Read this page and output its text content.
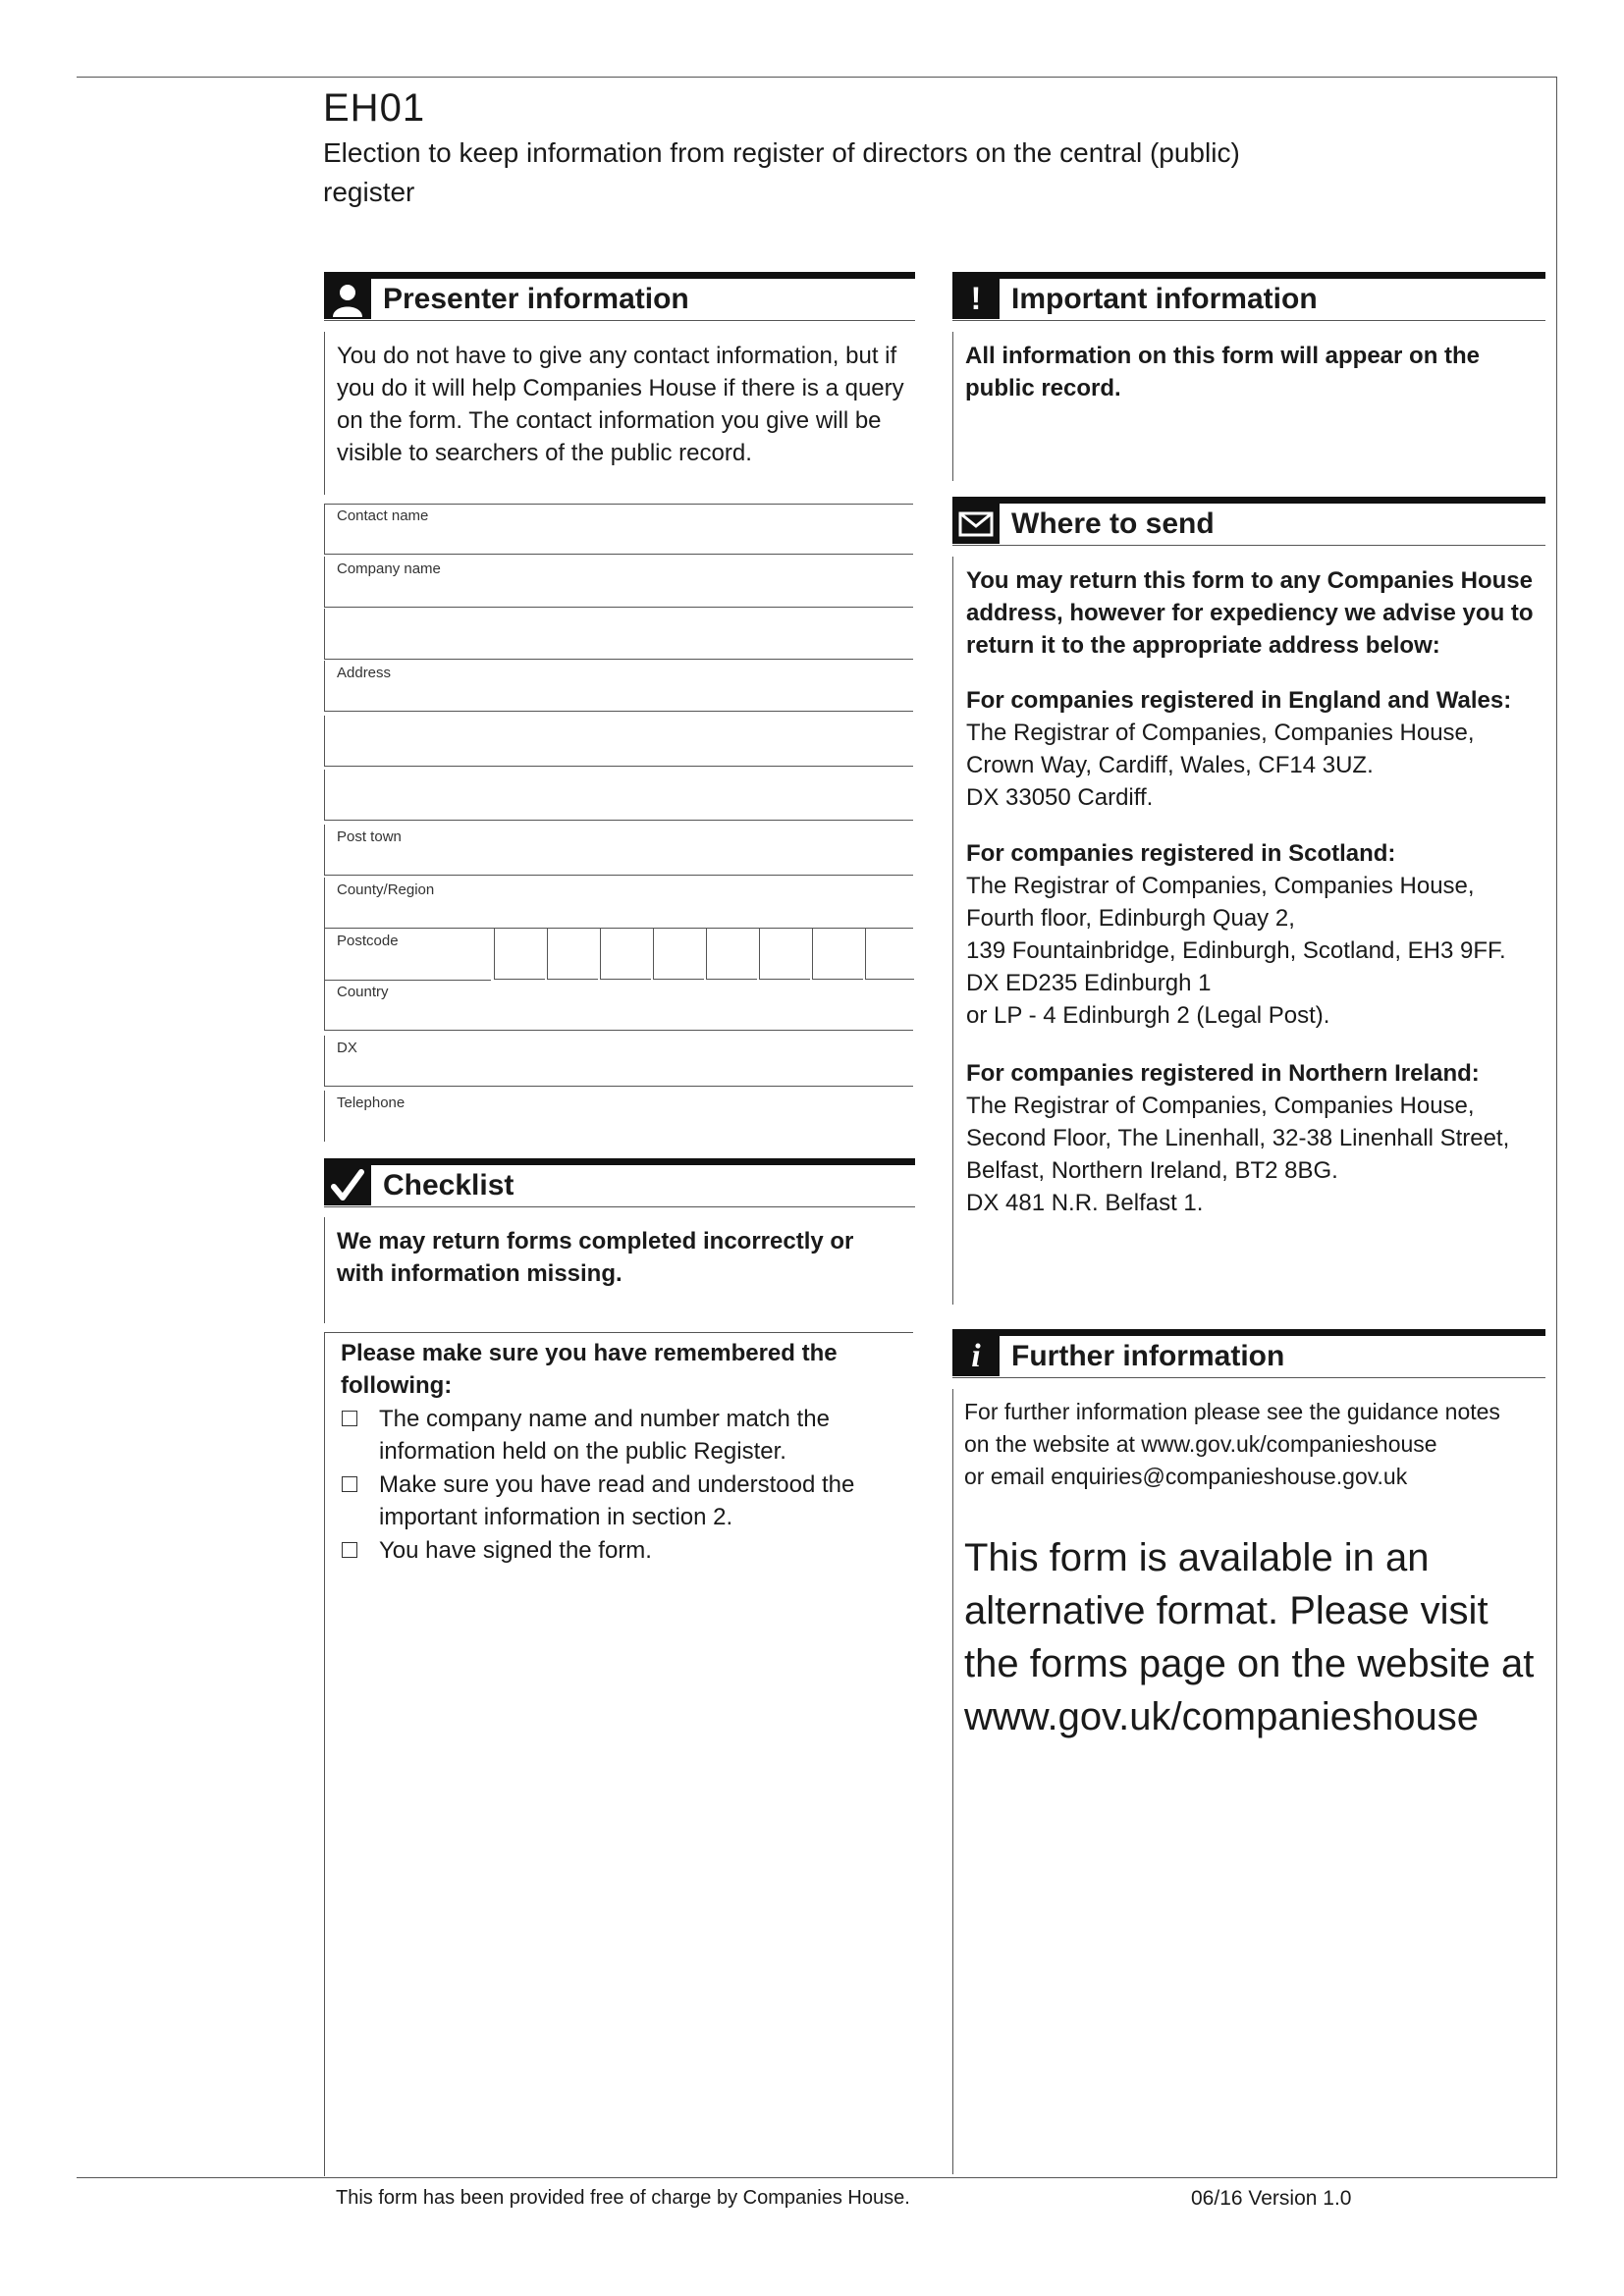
EH01
Election to keep information from register of directors on the central (public) register
Presenter information
You do not have to give any contact information, but if you do it will help Companies House if there is a query on the form. The contact information you give will be visible to searchers of the public record.
Contact name
Company name
Address
Post town
County/Region
Postcode
Country
DX
Telephone
Checklist
We may return forms completed incorrectly or with information missing.
Please make sure you have remembered the following:
The company name and number match the information held on the public Register.
Make sure you have read and understood the important information in section 2.
You have signed the form.
!	Important information
All information on this form will appear on the public record.
Where to send
You may return this form to any Companies House address, however for expediency we advise you to return it to the appropriate address below:
For companies registered in England and Wales:
The Registrar of Companies, Companies House,
Crown Way, Cardiff, Wales, CF14 3UZ.
DX 33050 Cardiff.
For companies registered in Scotland:
The Registrar of Companies, Companies House,
Fourth floor, Edinburgh Quay 2,
139 Fountainbridge, Edinburgh, Scotland, EH3 9FF.
DX ED235 Edinburgh 1
or LP - 4 Edinburgh 2 (Legal Post).
For companies registered in Northern Ireland:
The Registrar of Companies, Companies House,
Second Floor, The Linenhall, 32-38 Linenhall Street,
Belfast, Northern Ireland, BT2 8BG.
DX 481 N.R. Belfast 1.
i	Further information
For further information please see the guidance notes
on the website at www.gov.uk/companieshouse
or email enquiries@companieshouse.gov.uk
This form is available in an alternative format. Please visit the forms page on the website at www.gov.uk/companieshouse
This form has been provided free of charge by Companies House.	06/16 Version 1.0
